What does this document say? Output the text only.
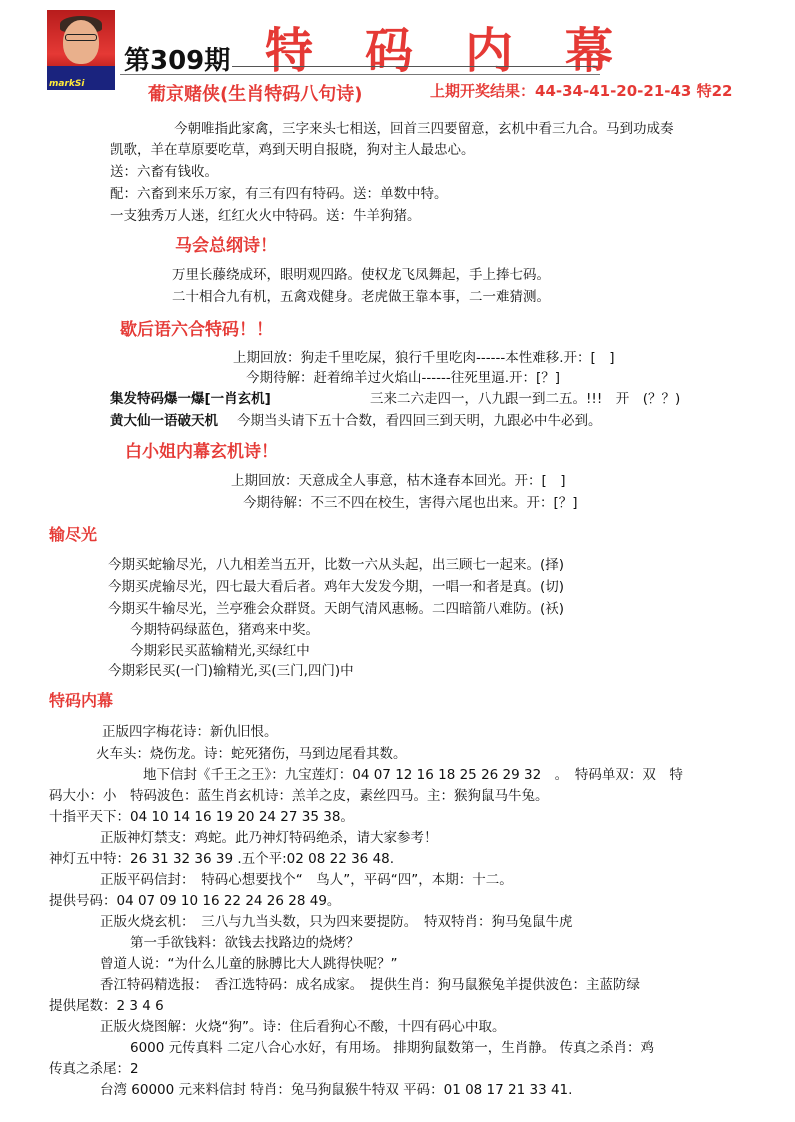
markSi
第309期 特码内幕
葡京赌侠(生肖特码八句诗)	上期开奖结果：44-34-41-20-21-43 特22
今朝唯指此家禽，三字来头七相送，回首三四要留意，玄机中看三九合。马到功成奏
凯歌，羊在草原要吃草，鸡到天明自报晓，狗对主人最忠心。
送：六畜有钱收。
配：六畜到来乐万家，有三有四有特码。送：单数中特。
一支独秀万人迷，红红火火中特码。送：牛羊狗猪。
马会总纲诗！
万里长藤绕成环，眼明观四路。使权龙飞凤舞起，手上捧七码。
二十相合九有机，五禽戏健身。老虎做王靠本事，二一难猜测。
歇后语六合特码！！
上期回放：狗走千里吃屎，狼行千里吃肉------本性难移.开：[　]
今期待解：赶着绵羊过火焰山------往死里逼.开：[？]
集发特码爆一爆[一肖玄机]	三来二六走四一，八九跟一到二五。!!!　开　(？？)
黄大仙一语破天机 今期当头请下五十合数，看四回三到天明，九跟必中牛必到。
白小姐内幕玄机诗！
上期回放：天意成全人事意，枯木逢春本回光。开：[　]
今期待解：不三不四在校生，害得六尾也出来。开：[？]
输尽光
今期买蛇输尽光，八九相差当五开，比数一六从头起，出三顾七一起来。(择)
今期买虎输尽光，四七最大看后者。鸡年大发发今期，一唱一和者是真。(切)
今期买牛输尽光，兰亭雅会众群贤。天朗气清风惠畅。二四暗箭八难防。(袄)
今期特码绿蓝色，猪鸡来中奖。
今期彩民买蓝输精光,买绿红中
今期彩民买(一门)输精光,买(三门,四门)中
特码内幕
正版四字梅花诗：新仇旧恨。
火车头：烧伤龙。诗：蛇死猪伤，马到边尾看其数。
地下信封《千王之王》：九宝莲灯：04 07 12 16 18 25 26 29 32　。　特码单双：双　特
码大小：小　特码波色：蓝生肖玄机诗：羔羊之皮，素丝四马。主：猴狗鼠马牛兔。
十指平天下：04 10 14 16 19 20 24 27 35 38。
正版神灯禁支：鸡蛇。此乃神灯特码绝杀，请大家参考！
神灯五中特：26 31 32 36 39 .五个平:02 08 22 36 48.
正版平码信封：　特码心想要找个“　鸟人”，平码“四”，本期：十二。
提供号码：04 07 09 10 16 22 24 26 28 49。
正版火烧玄机：　三八与九当头数，只为四来要提防。　特双特肖：狗马兔鼠牛虎
第一手欲钱料：欲钱去找路边的烧烤？
曾道人说：“为什么儿童的脉膊比大人跳得快呢？”
香江特码精选报：　香江选特码：成名成家。　提供生肖：狗马鼠猴兔羊提供波色：主蓝防绿
提供尾数：2 3 4 6
正版火烧图解：火烧“狗”。诗：住后看狗心不酸，十四有码心中取。
6000 元传真料 二定八合心水好，有用场。 排期狗鼠数第一，生肖静。 传真之杀肖：鸡
传真之杀尾：2
台湾 60000 元来料信封 特肖：兔马狗鼠猴牛特双 平码：01 08 17 21 33 41.
